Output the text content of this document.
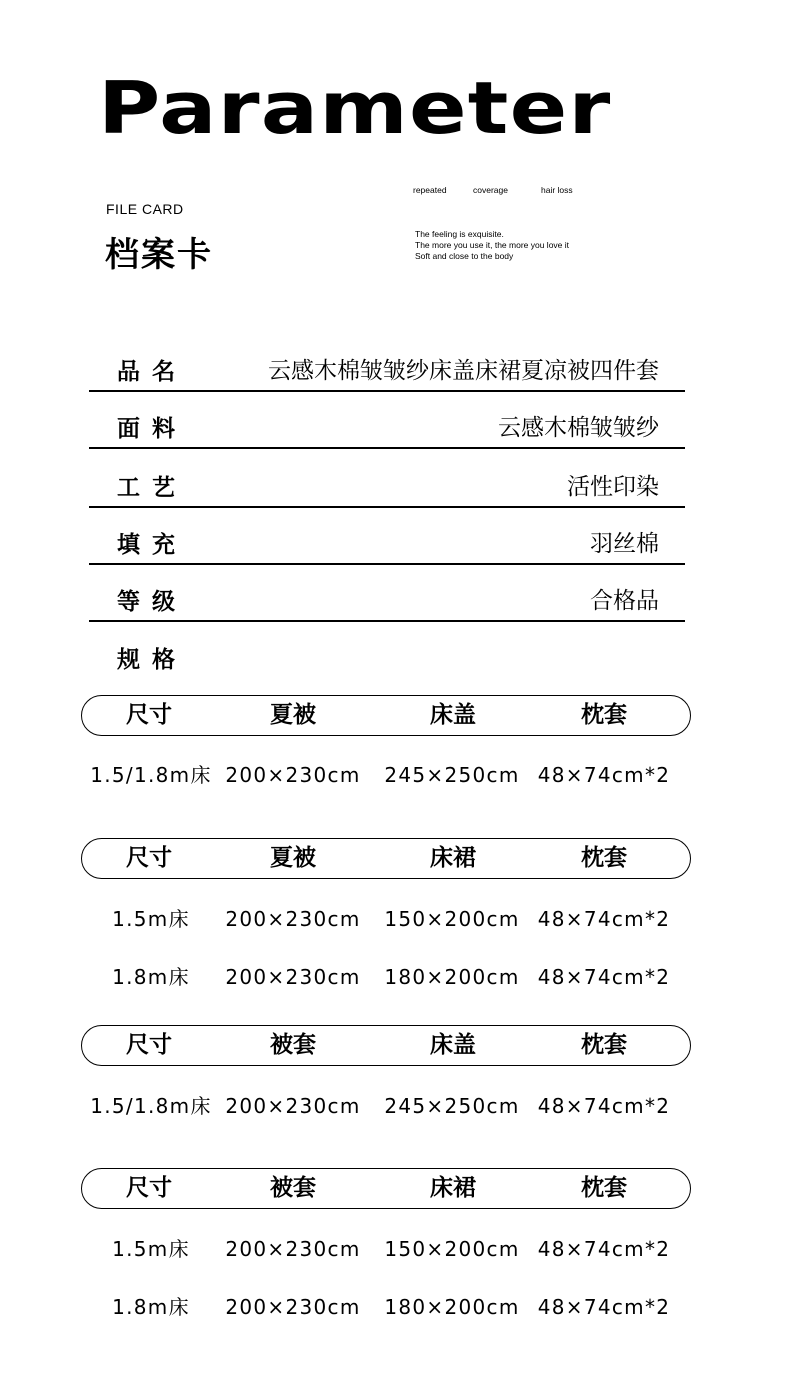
Parameter
FILE CARD
档案卡
repeated	coverage	hair loss
The feeling is exquisite.
The more you use it, the more you love it
Soft and close to the body
品名	云感木棉皱皱纱床盖床裙夏凉被四件套
面料	云感木棉皱皱纱
工艺	活性印染
填充	羽丝棉
等级	合格品
规格
尺寸	夏被	床盖	枕套
1.5/1.8m床 200×230cm 245×250cm 48×74cm*2
尺寸	夏被	床裙	枕套
1.5m床 200×230cm 150×200cm 48×74cm*2
1.8m床 200×230cm 180×200cm 48×74cm*2
尺寸	被套	床盖	枕套
1.5/1.8m床 200×230cm 245×250cm 48×74cm*2
尺寸	被套	床裙	枕套
1.5m床 200×230cm 150×200cm 48×74cm*2
1.8m床 200×230cm 180×200cm 48×74cm*2
